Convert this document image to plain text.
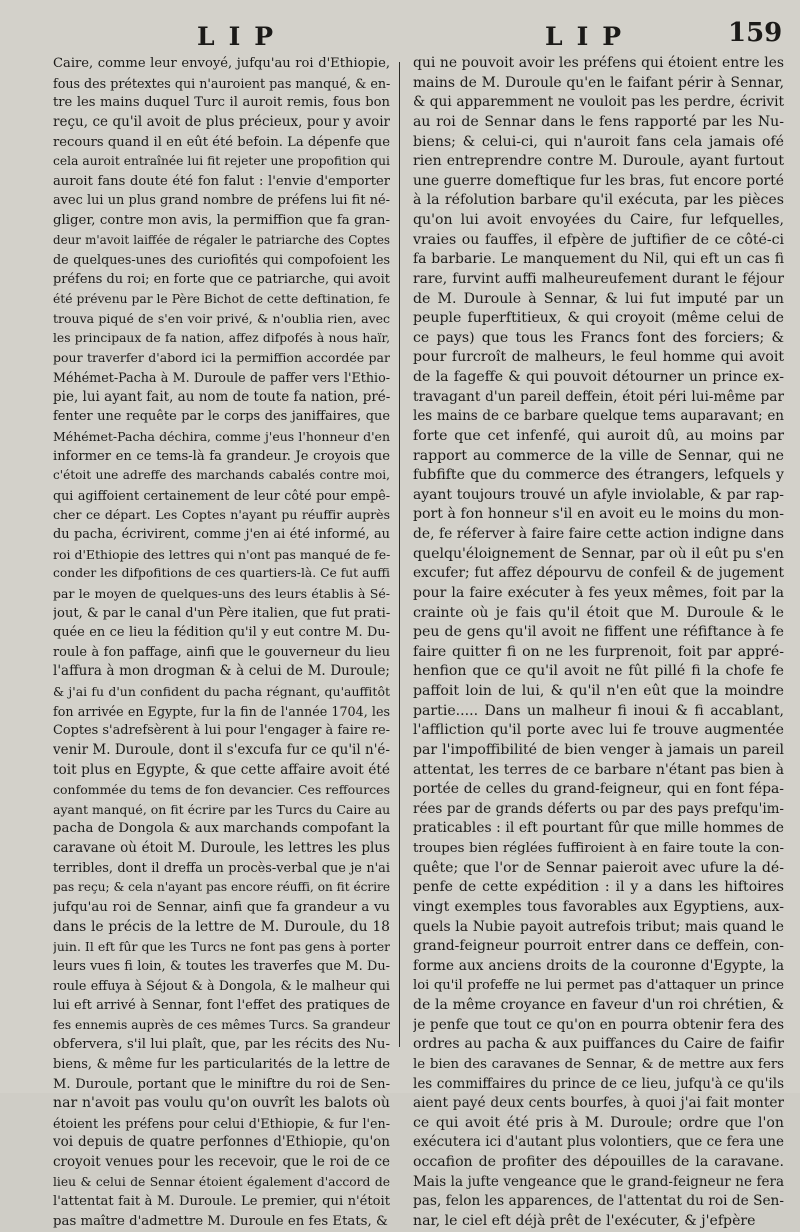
LIP	LIP	159
Caire, comme leur envoyé, jufqu'au roi d'Ethiopie,
fous des prétextes qui n'auroient pas manqué, & en-
tre les mains duquel Turc il auroit remis, fous bon
reçu, ce qu'il avoit de plus précieux, pour y avoir
recours quand il en eût été befoin. La dépenfe que
cela auroit entraînée lui fit rejeter une propofition qui
auroit fans doute été fon falut : l'envie d'emporter
avec lui un plus grand nombre de préfens lui fit né-
gliger, contre mon avis, la permiffion que fa gran-
deur m'avoit laiffée de régaler le patriarche des Coptes
de quelques-unes des curiofités qui compofoient les
préfens du roi; en forte que ce patriarche, qui avoit
été prévenu par le Père Bichot de cette deftination, fe
trouva piqué de s'en voir privé, & n'oublia rien, avec
les principaux de fa nation, affez difpofés à nous haïr,
pour traverfer d'abord ici la permiffion accordée par
Méhémet-Pacha à M. Duroule de paffer vers l'Ethio-
pie, lui ayant fait, au nom de toute fa nation, pré-
fenter une requête par le corps des janiffaires, que
Méhémet-Pacha déchira, comme j'eus l'honneur d'en
informer en ce tems-là fa grandeur. Je croyois que
c'étoit une adreffe des marchands cabalés contre moi,
qui agiffoient certainement de leur côté pour empê-
cher ce départ. Les Coptes n'ayant pu réuffir auprès
du pacha, écrivirent, comme j'en ai été informé, au
roi d'Ethiopie des lettres qui n'ont pas manqué de fe-
conder les difpofitions de ces quartiers-là. Ce fut auffi
par le moyen de quelques-uns des leurs établis à Sé-
jout, & par le canal d'un Père italien, que fut prati-
quée en ce lieu la fédition qu'il y eut contre M. Du-
roule à fon paffage, ainfi que le gouverneur du lieu
l'affura à mon drogman & à celui de M. Duroule;
& j'ai fu d'un confident du pacha régnant, qu'auffitôt
fon arrivée en Egypte, fur la fin de l'année 1704, les
Coptes s'adrefsèrent à lui pour l'engager à faire re-
venir M. Duroule, dont il s'excufa fur ce qu'il n'é-
toit plus en Egypte, & que cette affaire avoit été
confommée du tems de fon devancier. Ces reffources
ayant manqué, on fit écrire par les Turcs du Caire au
pacha de Dongola & aux marchands compofant la
caravane où étoit M. Duroule, les lettres les plus
terribles, dont il dreffa un procès-verbal que je n'ai
pas reçu; & cela n'ayant pas encore réuffi, on fit écrire
jufqu'au roi de Sennar, ainfi que fa grandeur a vu
dans le précis de la lettre de M. Duroule, du 18
juin. Il eft fûr que les Turcs ne font pas gens à porter
leurs vues fi loin, & toutes les traverfes que M. Du-
roule effuya à Séjout & à Dongola, & le malheur qui
lui eft arrivé à Sennar, font l'effet des pratiques de
fes ennemis auprès de ces mêmes Turcs. Sa grandeur
obfervera, s'il lui plaît, que, par les récits des Nu-
biens, & même fur les particularités de la lettre de
M. Duroule, portant que le miniftre du roi de Sen-
nar n'avoit pas voulu qu'on ouvrît les balots où
étoient les préfens pour celui d'Ethiopie, & fur l'en-
voi depuis de quatre perfonnes d'Ethiopie, qu'on
croyoit venues pour les recevoir, que le roi de ce
lieu & celui de Sennar étoient également d'accord de
l'attentat fait à M. Duroule. Le premier, qui n'étoit
pas maître d'admettre M. Duroule en fes Etats, &
qui ne pouvoit avoir les préfens qui étoient entre les
mains de M. Duroule qu'en le faifant périr à Sennar,
& qui apparemment ne vouloit pas les perdre, écrivit
au roi de Sennar dans le fens rapporté par les Nu-
biens; & celui-ci, qui n'auroit fans cela jamais ofé
rien entreprendre contre M. Duroule, ayant furtout
une guerre domeftique fur les bras, fut encore porté
à la réfolution barbare qu'il exécuta, par les pièces
qu'on lui avoit envoyées du Caire, fur lefquelles,
vraies ou fauffes, il efpère de juftifier de ce côté-ci
fa barbarie. Le manquement du Nil, qui eft un cas fi
rare, furvint auffi malheureufement durant le féjour
de M. Duroule à Sennar, & lui fut imputé par un
peuple fuperftitieux, & qui croyoit (même celui de
ce pays) que tous les Francs font des forciers; &
pour furcroît de malheurs, le feul homme qui avoit
de la fageffe & qui pouvoit détourner un prince ex-
travagant d'un pareil deffein, étoit péri lui-même par
les mains de ce barbare quelque tems auparavant; en
forte que cet infenfé, qui auroit dû, au moins par
rapport au commerce de la ville de Sennar, qui ne
fubfifte que du commerce des étrangers, lefquels y
ayant toujours trouvé un afyle inviolable, & par rap-
port à fon honneur s'il en avoit eu le moins du mon-
de, fe réferver à faire faire cette action indigne dans
quelqu'éloignement de Sennar, par où il eût pu s'en
excufer; fut affez dépourvu de confeil & de jugement
pour la faire exécuter à fes yeux mêmes, foit par la
crainte où je fais qu'il étoit que M. Duroule & le
peu de gens qu'il avoit ne fiffent une réfiftance à fe
faire quitter fi on ne les furprenoit, foit par appré-
henfion que ce qu'il avoit ne fût pillé fi la chofe fe
paffoit loin de lui, & qu'il n'en eût que la moindre
partie..... Dans un malheur fi inoui & fi accablant,
l'affliction qu'il porte avec lui fe trouve augmentée
par l'impoffibilité de bien venger à jamais un pareil
attentat, les terres de ce barbare n'étant pas bien à
portée de celles du grand-feigneur, qui en font fépa-
rées par de grands déferts ou par des pays prefqu'im-
praticables : il eft pourtant fûr que mille hommes de
troupes bien réglées fuffiroient à en faire toute la con-
quête; que l'or de Sennar paieroit avec ufure la dé-
penfe de cette expédition : il y a dans les hiftoires
vingt exemples tous favorables aux Egyptiens, aux-
quels la Nubie payoit autrefois tribut; mais quand le
grand-feigneur pourroit entrer dans ce deffein, con-
forme aux anciens droits de la couronne d'Egypte, la
loi qu'il profeffe ne lui permet pas d'attaquer un prince
de la même croyance en faveur d'un roi chrétien, &
je penfe que tout ce qu'on en pourra obtenir fera des
ordres au pacha & aux puiffances du Caire de faifir
le bien des caravanes de Sennar, & de mettre aux fers
les commiffaires du prince de ce lieu, jufqu'à ce qu'ils
aient payé deux cents bourfes, à quoi j'ai fait monter
ce qui avoit été pris à M. Duroule; ordre que l'on
exécutera ici d'autant plus volontiers, que ce fera une
occafion de profiter des dépouilles de la caravane.
Mais la jufte vengeance que le grand-feigneur ne fera
pas, felon les apparences, de l'attentat du roi de Sen-
nar, le ciel eft déjà prêt de l'exécuter, & j'efpère
